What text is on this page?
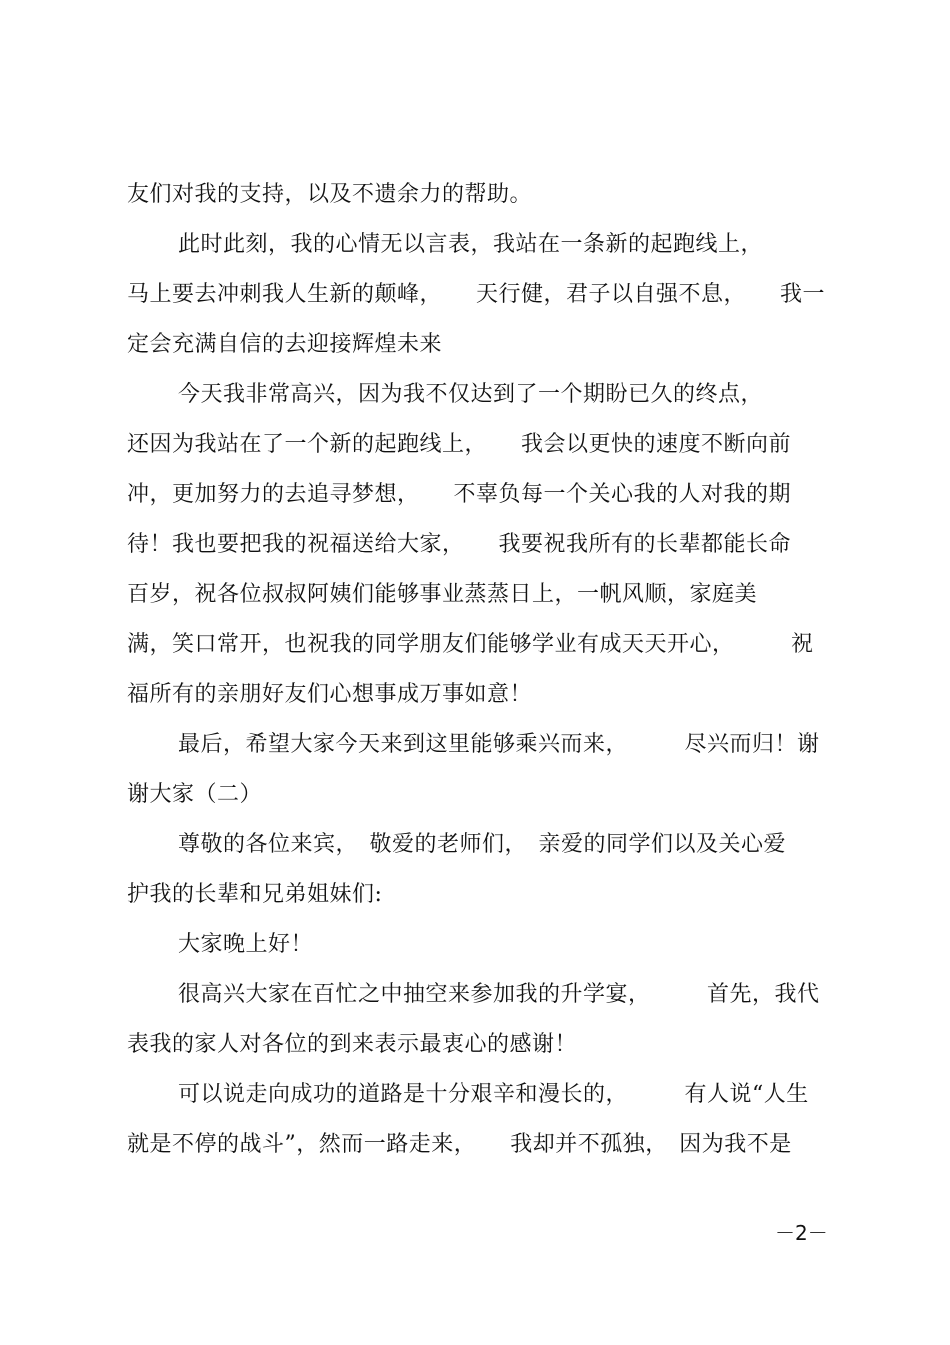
友们对我的支持，以及不遗余力的帮助。
此时此刻，我的心情无以言表，我站在一条新的起跑线上，
马上要去冲刺我人生新的颠峰，　　天行健，君子以自强不息，　　我一
定会充满自信的去迎接辉煌未来
今天我非常高兴，因为我不仅达到了一个期盼已久的终点，
还因为我站在了一个新的起跑线上，　　我会以更快的速度不断向前
冲，更加努力的去追寻梦想，　　不辜负每一个关心我的人对我的期
待！我也要把我的祝福送给大家，　　我要祝我所有的长辈都能长命
百岁，祝各位叔叔阿姨们能够事业蒸蒸日上，一帆风顺，家庭美
满，笑口常开，也祝我的同学朋友们能够学业有成天天开心，　　　祝
福所有的亲朋好友们心想事成万事如意！
最后，希望大家今天来到这里能够乘兴而来，　　　尽兴而归！谢
谢大家（二）
尊敬的各位来宾，　敬爱的老师们，　亲爱的同学们以及关心爱
护我的长辈和兄弟姐妹们:
大家晚上好！
很高兴大家在百忙之中抽空来参加我的升学宴，　　　首先，我代
表我的家人对各位的到来表示最衷心的感谢！
可以说走向成功的道路是十分艰辛和漫长的，　　　有人说“人生
就是不停的战斗”，然而一路走来，　　我却并不孤独，　因为我不是
－2－
